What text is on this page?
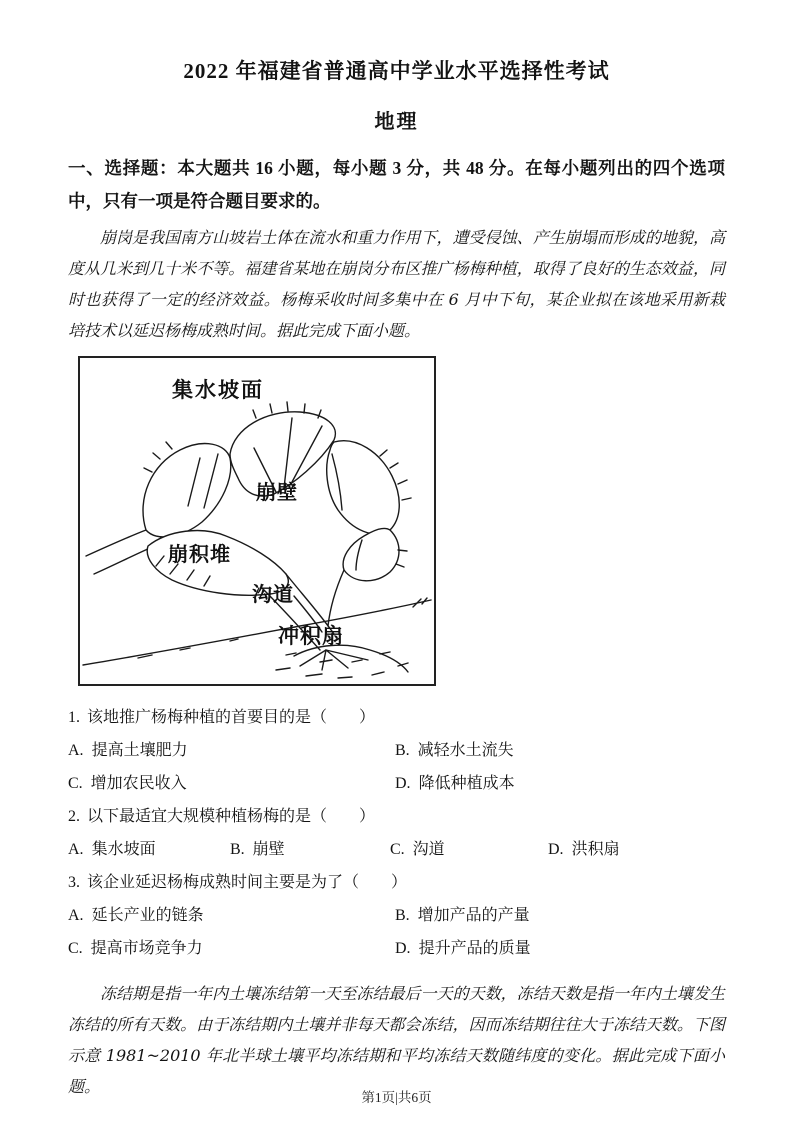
2022 年福建省普通高中学业水平选择性考试
地理
一、选择题：本大题共 16 小题，每小题 3 分，共 48 分。在每小题列出的四个选项中，只有一项是符合题目要求的。
崩岗是我国南方山坡岩土体在流水和重力作用下，遭受侵蚀、产生崩塌而形成的地貌，高度从几米到几十米不等。福建省某地在崩岗分布区推广杨梅种植，取得了良好的生态效益，同时也获得了一定的经济效益。杨梅采收时间多集中在 6 月中下旬，某企业拟在该地采用新栽培技术以延迟杨梅成熟时间。据此完成下面小题。
集水坡面
崩壁
崩积堆
沟道
冲积扇
1. 该地推广杨梅种植的首要目的是（　　）
A. 提高土壤肥力	B. 减轻水土流失
C. 增加农民收入	D. 降低种植成本
2. 以下最适宜大规模种植杨梅的是（　　）
A. 集水坡面	B. 崩壁	C. 沟道	D. 洪积扇
3. 该企业延迟杨梅成熟时间主要是为了（　　）
A. 延长产业的链条	B. 增加产品的产量
C. 提高市场竞争力	D. 提升产品的质量
冻结期是指一年内土壤冻结第一天至冻结最后一天的天数，冻结天数是指一年内土壤发生冻结的所有天数。由于冻结期内土壤并非每天都会冻结，因而冻结期往往大于冻结天数。下图示意 1981~2010 年北半球土壤平均冻结期和平均冻结天数随纬度的变化。据此完成下面小题。
第1页|共6页
